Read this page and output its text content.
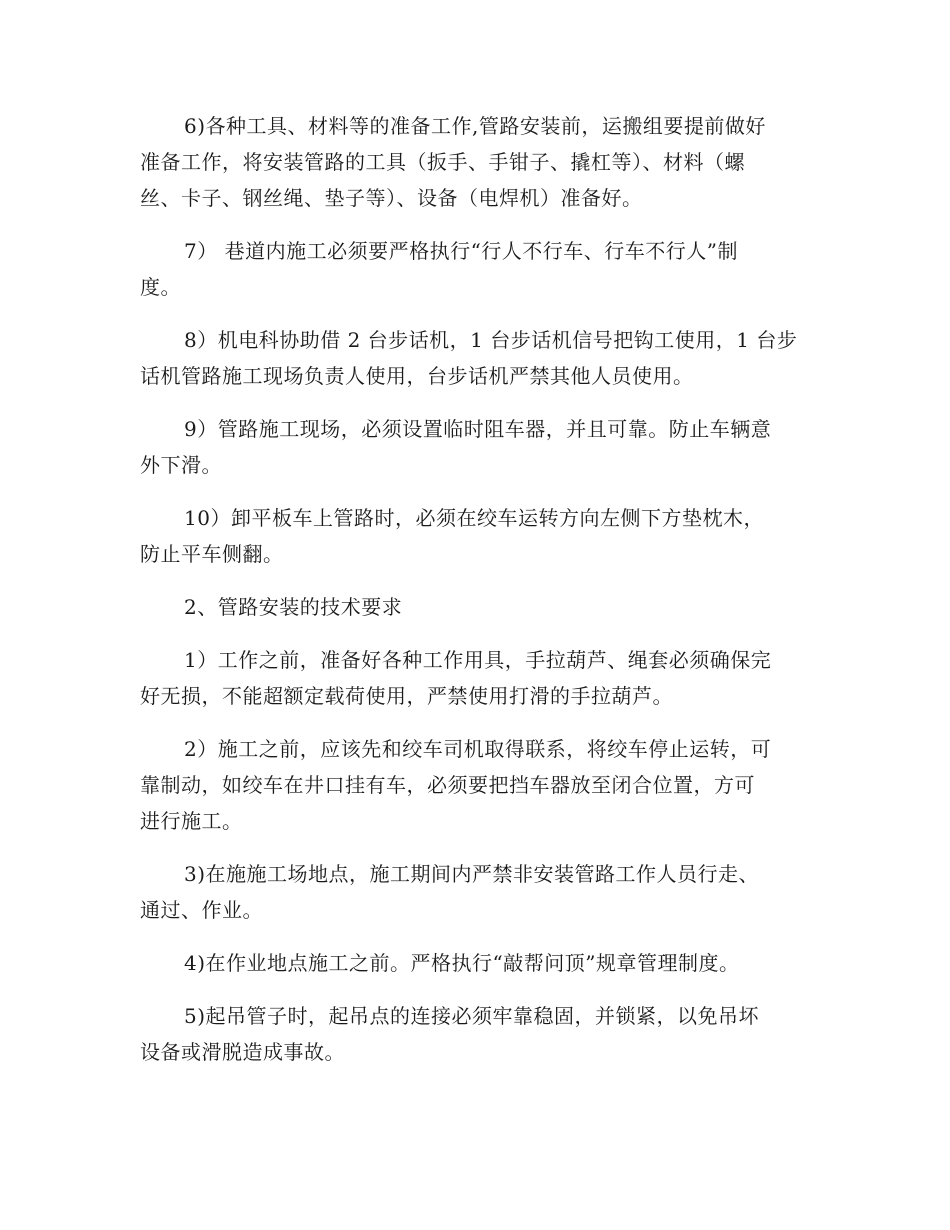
6)各种工具、材料等的准备工作,管路安装前，运搬组要提前做好
准备工作，将安装管路的工具（扳手、手钳子、撬杠等）、材料（螺
丝、卡子、钢丝绳、垫子等）、设备（电焊机）准备好。

7） 巷道内施工必须要严格执行“行人不行车、行车不行人”制
度。

8）机电科协助借 2 台步话机，1 台步话机信号把钩工使用，1 台步
话机管路施工现场负责人使用，台步话机严禁其他人员使用。

9）管路施工现场，必须设置临时阻车器，并且可靠。防止车辆意
外下滑。

10）卸平板车上管路时，必须在绞车运转方向左侧下方垫枕木，
防止平车侧翻。

2、管路安装的技术要求

1）工作之前，准备好各种工作用具，手拉葫芦、绳套必须确保完
好无损，不能超额定载荷使用，严禁使用打滑的手拉葫芦。

2）施工之前，应该先和绞车司机取得联系，将绞车停止运转，可
靠制动，如绞车在井口挂有车，必须要把挡车器放至闭合位置，方可
进行施工。

3)在施施工场地点，施工期间内严禁非安装管路工作人员行走、
通过、作业。

4)在作业地点施工之前。严格执行“敲帮问顶”规章管理制度。

5)起吊管子时，起吊点的连接必须牢靠稳固，并锁紧，以免吊坏
设备或滑脱造成事故。
